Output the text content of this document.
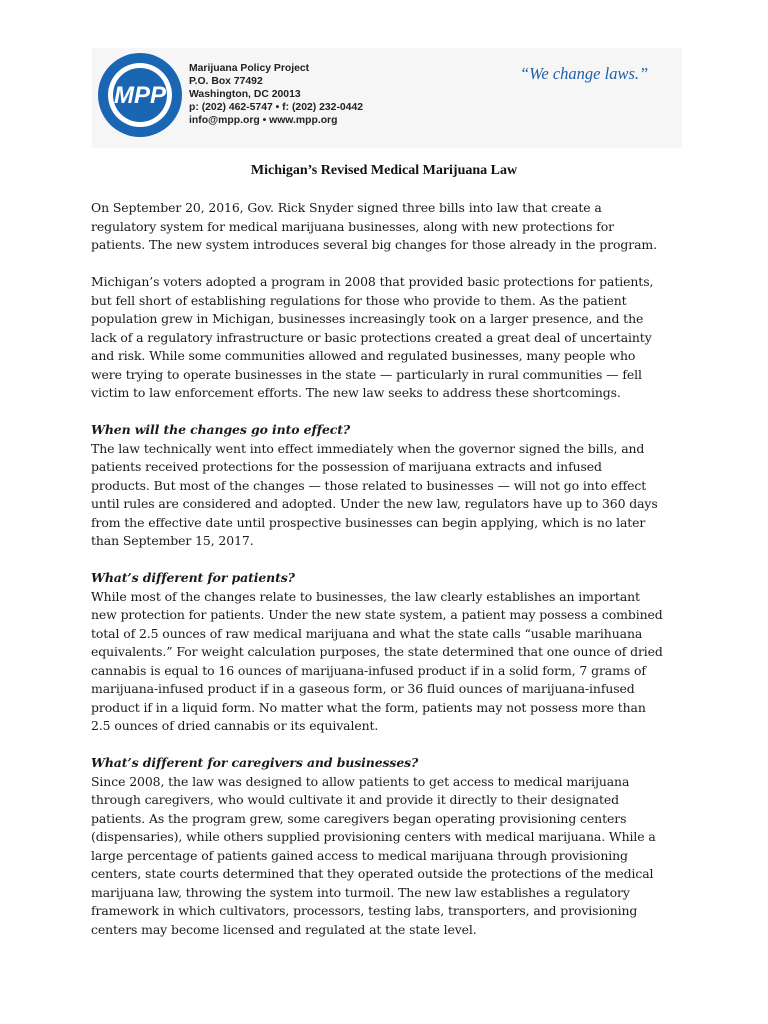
MPP
Marijuana Policy Project
P.O. Box 77492
Washington, DC 20013
p: (202) 462-5747 • f: (202) 232-0442
info@mpp.org • www.mpp.org
“We change laws.”
Michigan’s Revised Medical Marijuana Law
On September 20, 2016, Gov. Rick Snyder signed three bills into law that create a
regulatory system for medical marijuana businesses, along with new protections for
patients. The new system introduces several big changes for those already in the program.
Michigan’s voters adopted a program in 2008 that provided basic protections for patients,
but fell short of establishing regulations for those who provide to them. As the patient
population grew in Michigan, businesses increasingly took on a larger presence, and the
lack of a regulatory infrastructure or basic protections created a great deal of uncertainty
and risk. While some communities allowed and regulated businesses, many people who
were trying to operate businesses in the state — particularly in rural communities — fell
victim to law enforcement efforts. The new law seeks to address these shortcomings.
When will the changes go into effect?
The law technically went into effect immediately when the governor signed the bills, and
patients received protections for the possession of marijuana extracts and infused
products. But most of the changes — those related to businesses — will not go into effect
until rules are considered and adopted. Under the new law, regulators have up to 360 days
from the effective date until prospective businesses can begin applying, which is no later
than September 15, 2017.
What’s different for patients?
While most of the changes relate to businesses, the law clearly establishes an important
new protection for patients. Under the new state system, a patient may possess a combined
total of 2.5 ounces of raw medical marijuana and what the state calls “usable marihuana
equivalents.” For weight calculation purposes, the state determined that one ounce of dried
cannabis is equal to 16 ounces of marijuana-infused product if in a solid form, 7 grams of
marijuana-infused product if in a gaseous form, or 36 fluid ounces of marijuana-infused
product if in a liquid form. No matter what the form, patients may not possess more than
2.5 ounces of dried cannabis or its equivalent.
What’s different for caregivers and businesses?
Since 2008, the law was designed to allow patients to get access to medical marijuana
through caregivers, who would cultivate it and provide it directly to their designated
patients. As the program grew, some caregivers began operating provisioning centers
(dispensaries), while others supplied provisioning centers with medical marijuana. While a
large percentage of patients gained access to medical marijuana through provisioning
centers, state courts determined that they operated outside the protections of the medical
marijuana law, throwing the system into turmoil. The new law establishes a regulatory
framework in which cultivators, processors, testing labs, transporters, and provisioning
centers may become licensed and regulated at the state level.
